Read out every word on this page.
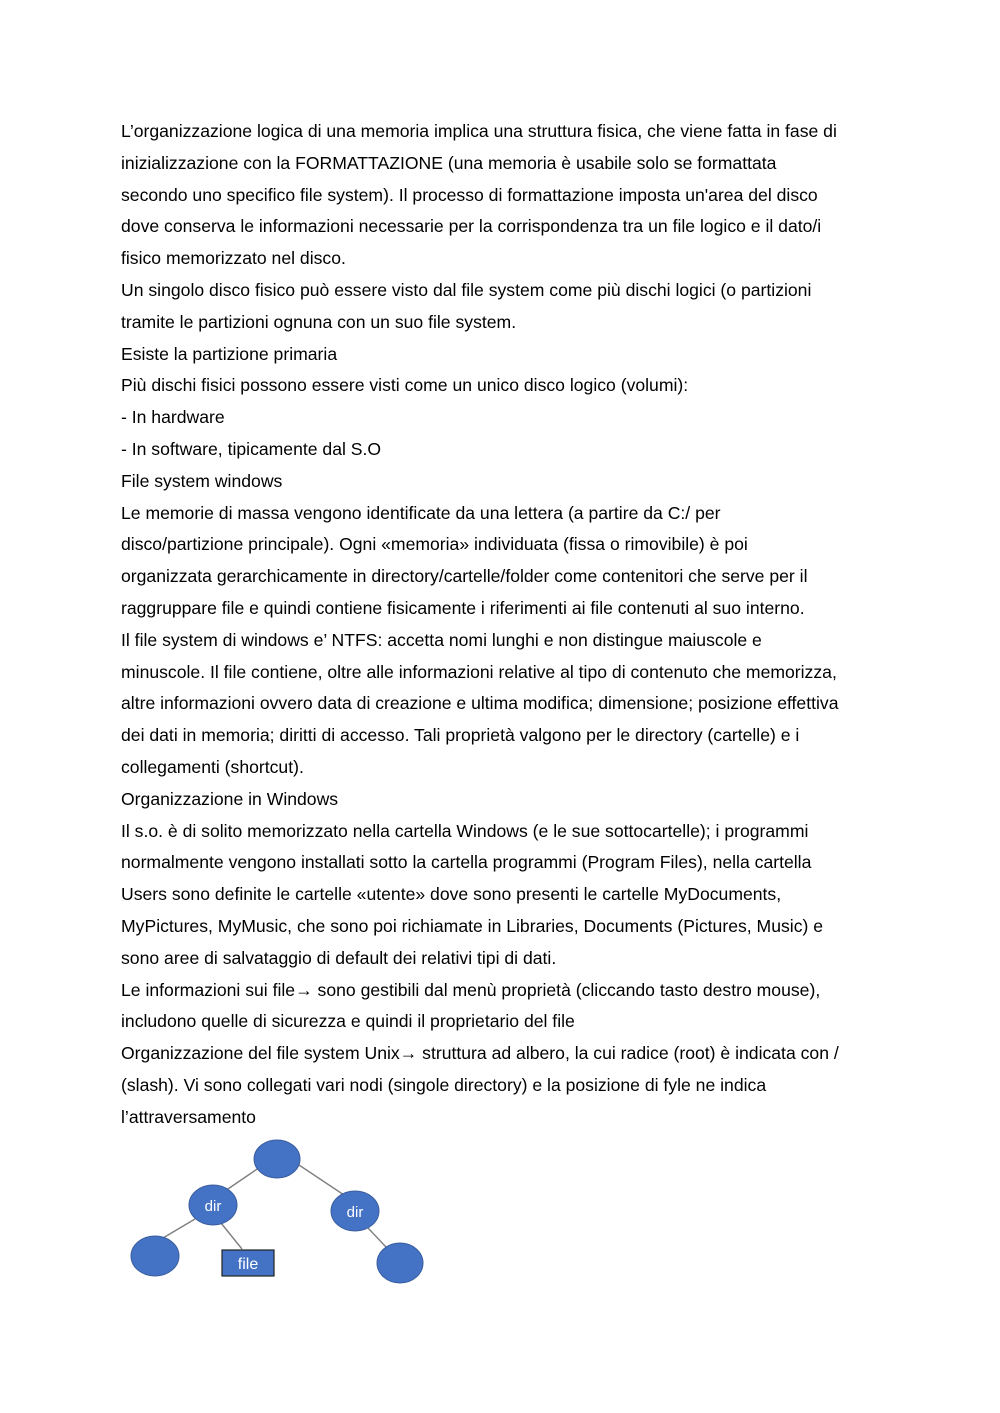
L’organizzazione logica di una memoria implica una struttura fisica, che viene fatta in fase di

inizializzazione con la FORMATTAZIONE (una memoria è usabile solo se formattata

secondo uno specifico file system). Il processo di formattazione imposta un'area del disco

dove conserva le informazioni necessarie per la corrispondenza tra un file logico e il dato/i

fisico memorizzato nel disco.

Un singolo disco fisico può essere visto dal file system come più dischi logici (o partizioni

tramite le partizioni ognuna con un suo file system.

Esiste la partizione primaria

Più dischi fisici possono essere visti come un unico disco logico (volumi):

- In hardware

- In software, tipicamente dal S.O

File system windows

Le memorie di massa vengono identificate da una lettera (a partire da C:/ per

disco/partizione principale). Ogni «memoria» individuata (fissa o rimovibile) è poi

organizzata gerarchicamente in directory/cartelle/folder come contenitori che serve per il

raggruppare file e quindi contiene fisicamente i riferimenti ai file contenuti al suo interno.

Il file system di windows e’ NTFS: accetta nomi lunghi e non distingue maiuscole e

minuscole. Il file contiene, oltre alle informazioni relative al tipo di contenuto che memorizza,

altre informazioni ovvero data di creazione e ultima modifica; dimensione; posizione effettiva

dei dati in memoria; diritti di accesso. Tali proprietà valgono per le directory (cartelle) e i

collegamenti (shortcut).

Organizzazione in Windows

Il s.o. è di solito memorizzato nella cartella Windows (e le sue sottocartelle); i programmi

normalmente vengono installati sotto la cartella programmi (Program Files), nella cartella

Users sono definite le cartelle «utente» dove sono presenti le cartelle MyDocuments,

MyPictures, MyMusic, che sono poi richiamate in Libraries, Documents (Pictures, Music) e

sono aree di salvataggio di default dei relativi tipi di dati.

Le informazioni sui file→ sono gestibili dal menù proprietà (cliccando tasto destro mouse),

includono quelle di sicurezza e quindi il proprietario del file

Organizzazione del file system Unix→ struttura ad albero, la cui radice (root) è indicata con /

(slash). Vi sono collegati vari nodi (singole directory) e la posizione di fyle ne indica

l’attraversamento

dir	dir
file
